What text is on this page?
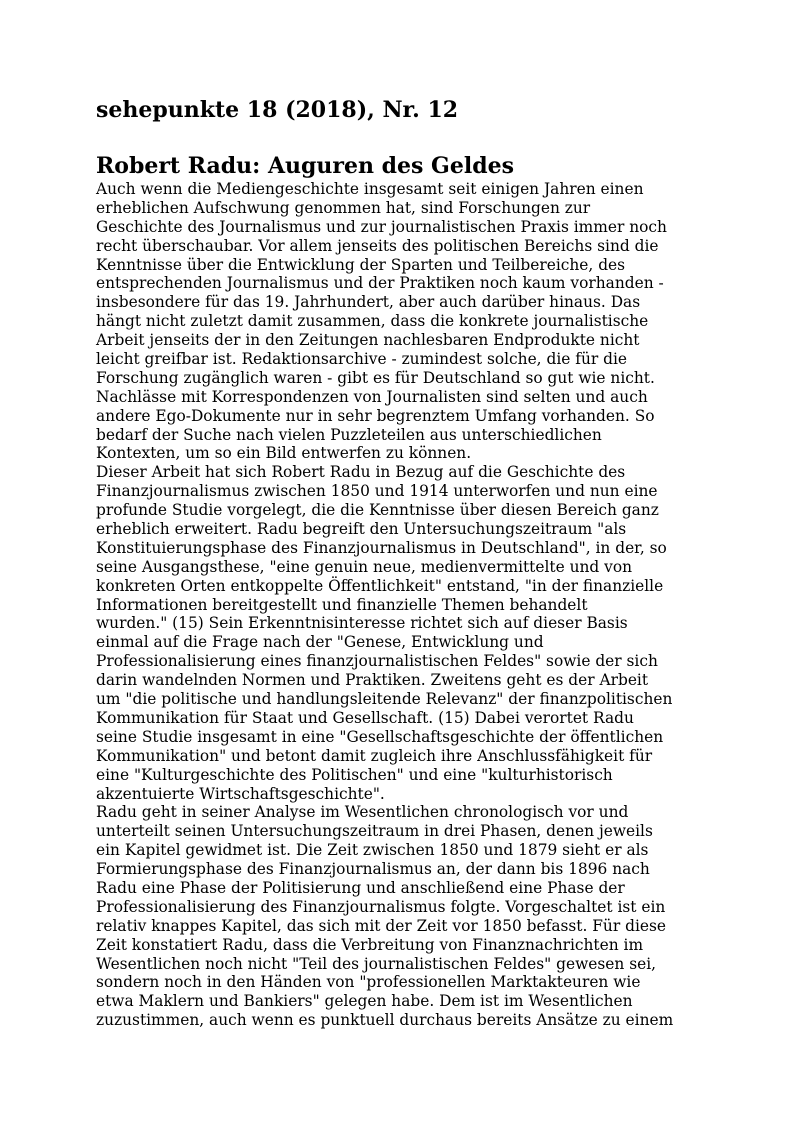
sehepunkte 18 (2018), Nr. 12
Robert Radu: Auguren des Geldes
Auch wenn die Mediengeschichte insgesamt seit einigen Jahren einen
erheblichen Aufschwung genommen hat, sind Forschungen zur
Geschichte des Journalismus und zur journalistischen Praxis immer noch
recht überschaubar. Vor allem jenseits des politischen Bereichs sind die
Kenntnisse über die Entwicklung der Sparten und Teilbereiche, des
entsprechenden Journalismus und der Praktiken noch kaum vorhanden -
insbesondere für das 19. Jahrhundert, aber auch darüber hinaus. Das
hängt nicht zuletzt damit zusammen, dass die konkrete journalistische
Arbeit jenseits der in den Zeitungen nachlesbaren Endprodukte nicht
leicht greifbar ist. Redaktionsarchive - zumindest solche, die für die
Forschung zugänglich waren - gibt es für Deutschland so gut wie nicht.
Nachlässe mit Korrespondenzen von Journalisten sind selten und auch
andere Ego-Dokumente nur in sehr begrenztem Umfang vorhanden. So
bedarf der Suche nach vielen Puzzleteilen aus unterschiedlichen
Kontexten, um so ein Bild entwerfen zu können.
Dieser Arbeit hat sich Robert Radu in Bezug auf die Geschichte des
Finanzjournalismus zwischen 1850 und 1914 unterworfen und nun eine
profunde Studie vorgelegt, die die Kenntnisse über diesen Bereich ganz
erheblich erweitert. Radu begreift den Untersuchungszeitraum "als
Konstituierungsphase des Finanzjournalismus in Deutschland", in der, so
seine Ausgangsthese, "eine genuin neue, medienvermittelte und von
konkreten Orten entkoppelte Öffentlichkeit" entstand, "in der finanzielle
Informationen bereitgestellt und finanzielle Themen behandelt
wurden." (15) Sein Erkenntnisinteresse richtet sich auf dieser Basis
einmal auf die Frage nach der "Genese, Entwicklung und
Professionalisierung eines finanzjournalistischen Feldes" sowie der sich
darin wandelnden Normen und Praktiken. Zweitens geht es der Arbeit
um "die politische und handlungsleitende Relevanz" der finanzpolitischen
Kommunikation für Staat und Gesellschaft. (15) Dabei verortet Radu
seine Studie insgesamt in eine "Gesellschaftsgeschichte der öffentlichen
Kommunikation" und betont damit zugleich ihre Anschlussfähigkeit für
eine "Kulturgeschichte des Politischen" und eine "kulturhistorisch
akzentuierte Wirtschaftsgeschichte".
Radu geht in seiner Analyse im Wesentlichen chronologisch vor und
unterteilt seinen Untersuchungszeitraum in drei Phasen, denen jeweils
ein Kapitel gewidmet ist. Die Zeit zwischen 1850 und 1879 sieht er als
Formierungsphase des Finanzjournalismus an, der dann bis 1896 nach
Radu eine Phase der Politisierung und anschließend eine Phase der
Professionalisierung des Finanzjournalismus folgte. Vorgeschaltet ist ein
relativ knappes Kapitel, das sich mit der Zeit vor 1850 befasst. Für diese
Zeit konstatiert Radu, dass die Verbreitung von Finanznachrichten im
Wesentlichen noch nicht "Teil des journalistischen Feldes" gewesen sei,
sondern noch in den Händen von "professionellen Marktakteuren wie
etwa Maklern und Bankiers" gelegen habe. Dem ist im Wesentlichen
zuzustimmen, auch wenn es punktuell durchaus bereits Ansätze zu einem
